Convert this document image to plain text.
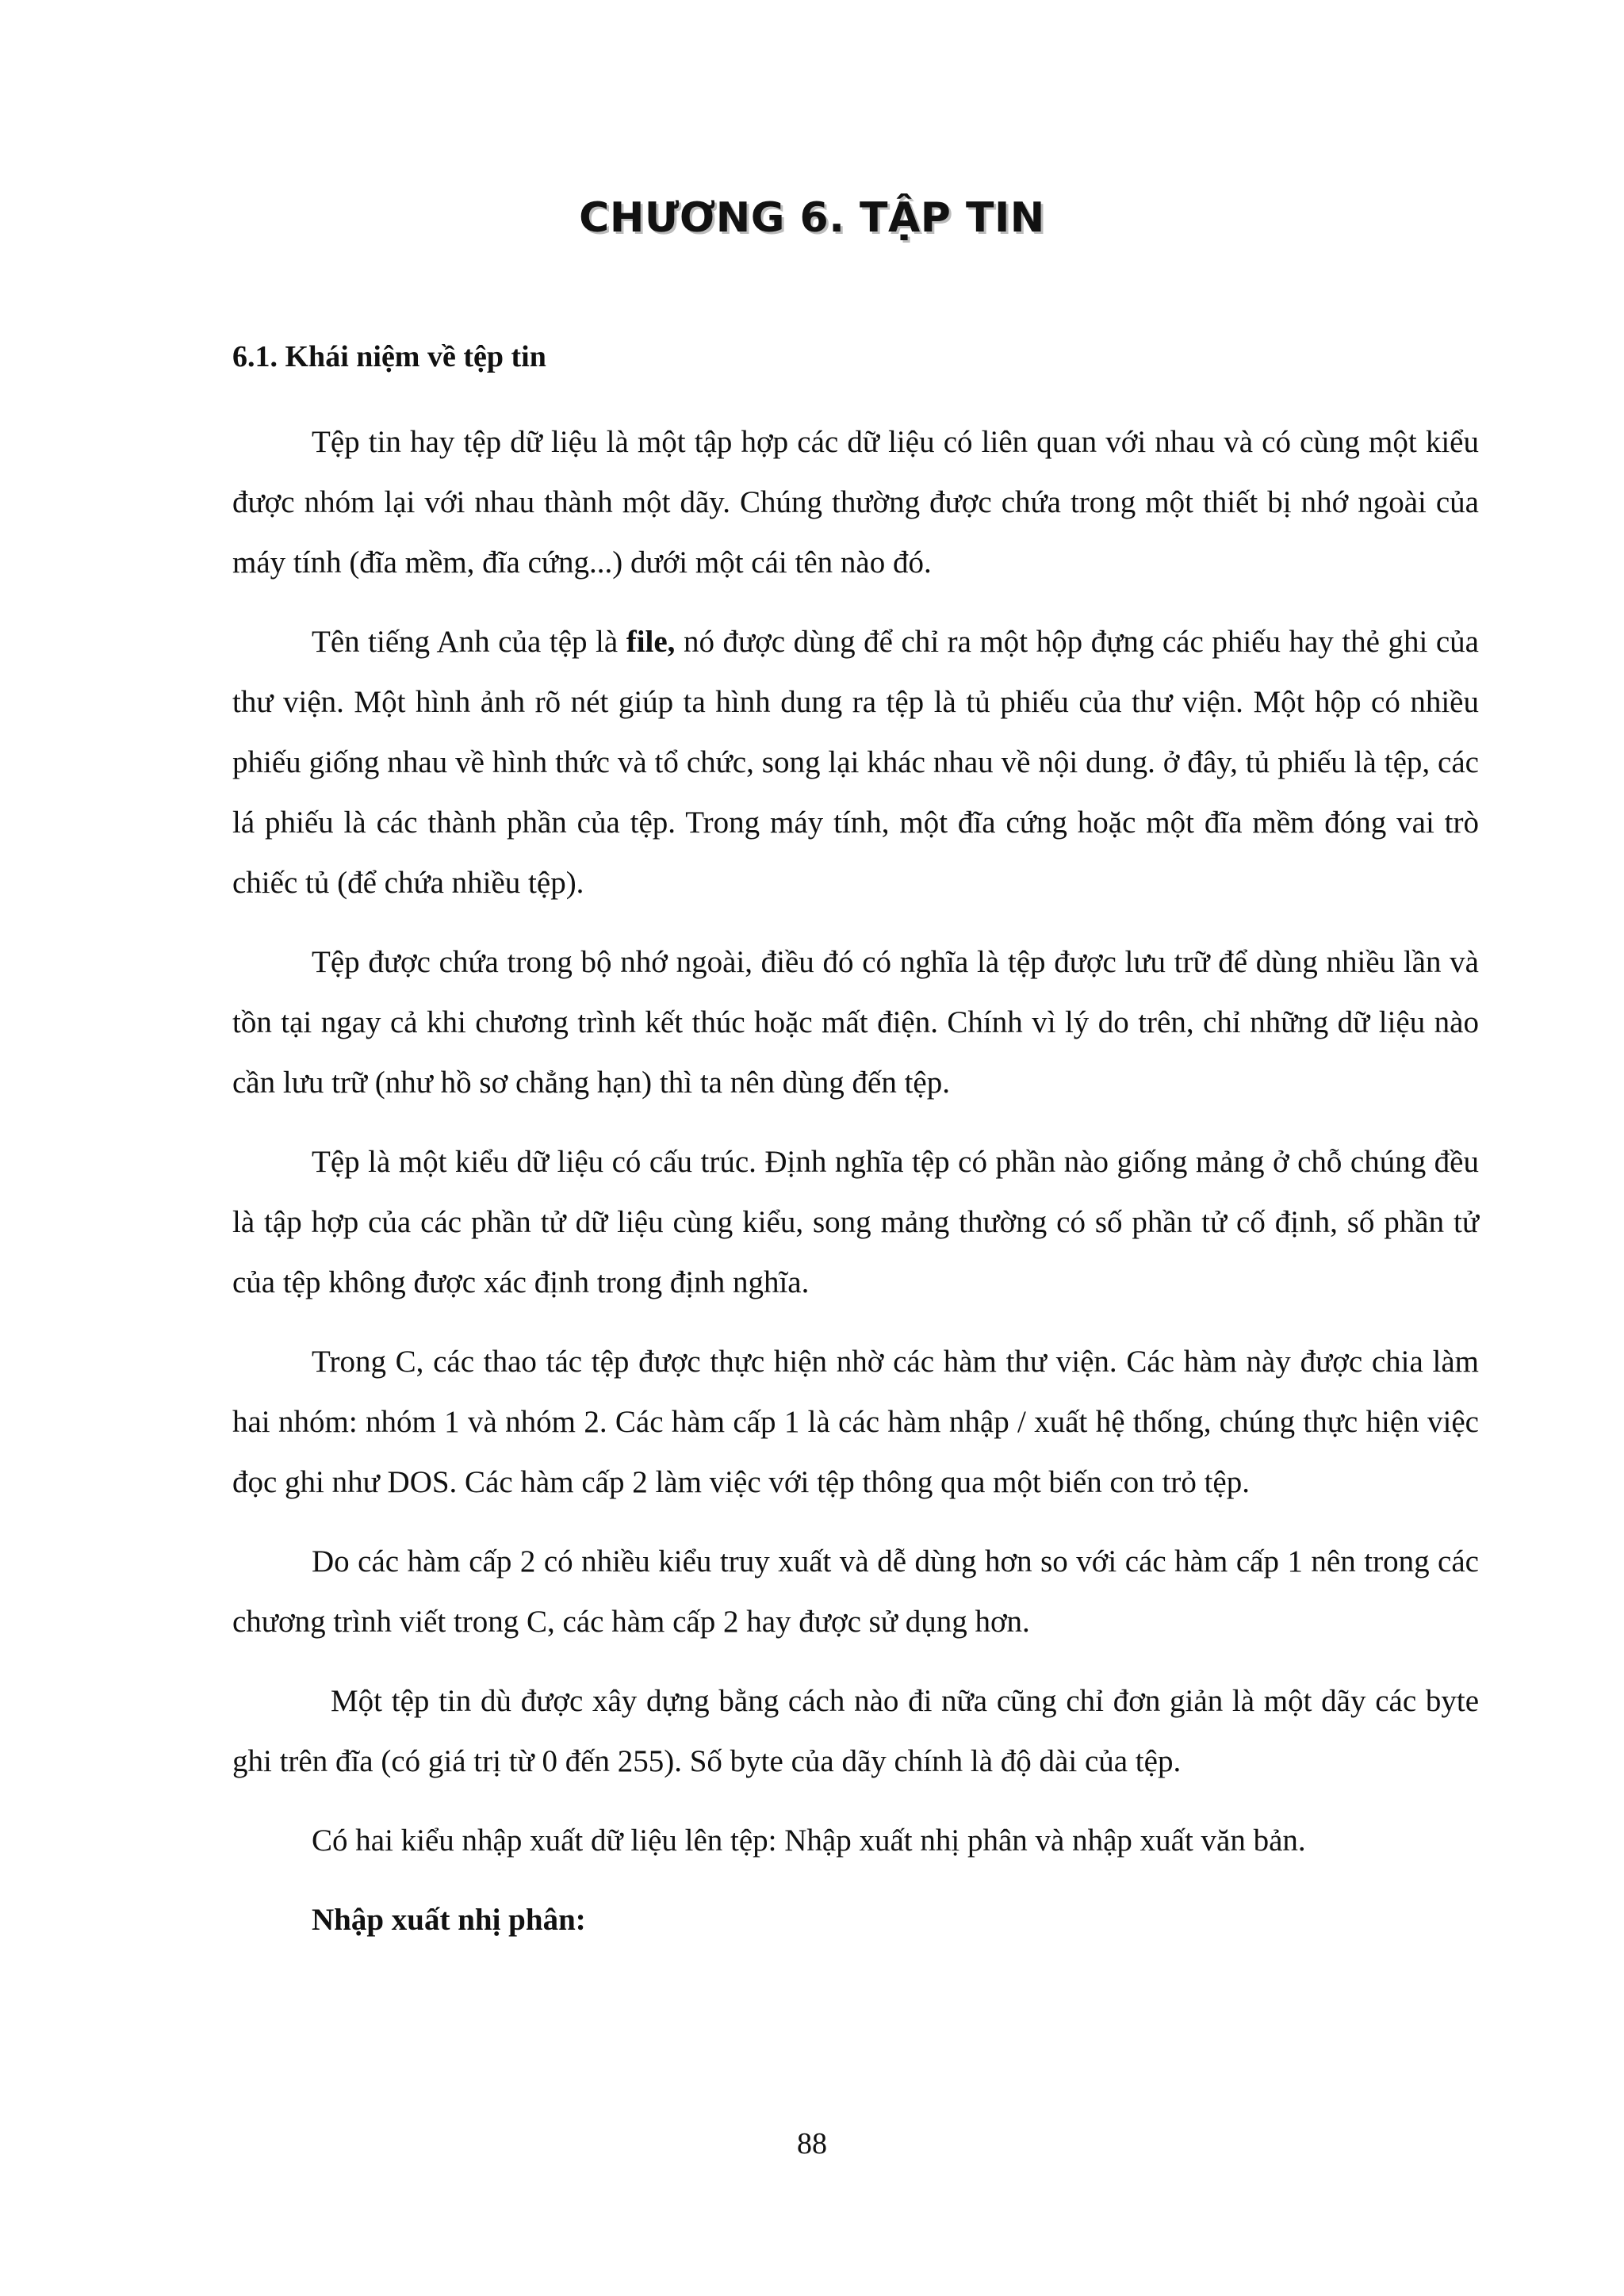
CHƯƠNG 6. TẬP TIN
6.1. Khái niệm về tệp tin

Tệp tin hay tệp dữ liệu là một tập hợp các dữ liệu có liên quan với nhau và có cùng một kiểu được nhóm lại với nhau thành một dãy. Chúng thường được chứa trong một thiết bị nhớ ngoài của máy tính (đĩa mềm, đĩa cứng...) dưới một cái tên nào đó.

Tên tiếng Anh của tệp là file, nó được dùng để chỉ ra một hộp đựng các phiếu hay thẻ ghi của thư viện. Một hình ảnh rõ nét giúp ta hình dung ra tệp là tủ phiếu của thư viện. Một hộp có nhiều phiếu giống nhau về hình thức và tổ chức, song lại khác nhau về nội dung. ở đây, tủ phiếu là tệp, các lá phiếu là các thành phần của tệp. Trong máy tính, một đĩa cứng hoặc một đĩa mềm đóng vai trò chiếc tủ (để chứa nhiều tệp).

Tệp được chứa trong bộ nhớ ngoài, điều đó có nghĩa là tệp được lưu trữ để dùng nhiều lần và tồn tại ngay cả khi chương trình kết thúc hoặc mất điện. Chính vì lý do trên, chỉ những dữ liệu nào cần lưu trữ (như hồ sơ chẳng hạn) thì ta nên dùng đến tệp.

Tệp là một kiểu dữ liệu có cấu trúc. Định nghĩa tệp có phần nào giống mảng ở chỗ chúng đều là tập hợp của các phần tử dữ liệu cùng kiểu, song mảng thường có số phần tử cố định, số phần tử của tệp không được xác định trong định nghĩa.

Trong C, các thao tác tệp được thực hiện nhờ các hàm thư viện. Các hàm này được chia làm hai nhóm: nhóm 1 và nhóm 2. Các hàm cấp 1 là các hàm nhập / xuất hệ thống, chúng thực hiện việc đọc ghi như DOS. Các hàm cấp 2 làm việc với tệp thông qua một biến con trỏ tệp.

Do các hàm cấp 2 có nhiều kiểu truy xuất và dễ dùng hơn so với các hàm cấp 1 nên trong các chương trình viết trong C, các hàm cấp 2 hay được sử dụng hơn.

Một tệp tin dù được xây dựng bằng cách nào đi nữa cũng chỉ đơn giản là một dãy các byte ghi trên đĩa (có giá trị từ 0 đến 255). Số byte của dãy chính là độ dài của tệp.

Có hai kiểu nhập xuất dữ liệu lên tệp: Nhập xuất nhị phân và nhập xuất văn bản.

Nhập xuất nhị phân:

88
